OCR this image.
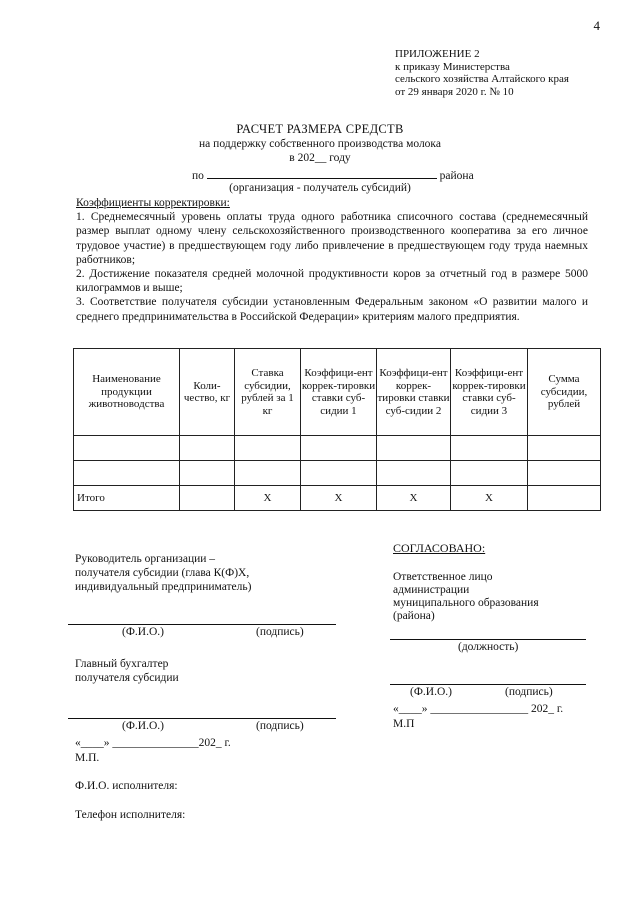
4
ПРИЛОЖЕНИЕ 2
к приказу Министерства
сельского хозяйства Алтайского края
от 29 января 2020 г. № 10
РАСЧЕТ РАЗМЕРА СРЕДСТВ
на поддержку собственного производства молока
в 202__ году
по	района
(организация - получатель субсидий)
Коэффициенты корректировки:
1. Среднемесячный уровень оплаты труда одного работника списочного состава (среднемесячный размер выплат одному члену сельскохозяйственного производственного кооператива за его личное трудовое участие) в предшествующем году либо привлечение в предшествующем году труда наемных работников;
2. Достижение показателя средней молочной продуктивности коров за отчетный год в размере 5000 килограммов и выше;
3. Соответствие получателя субсидии установленным Федеральным законом «О развитии малого и среднего предпринимательства в Российской Федерации» критериям малого предприятия.
Наименование продукции животноводства	Коли-чество, кг	Ставка субсидии, рублей за 1 кг	Коэффици-ент коррек-тировки ставки суб-сидии 1	Коэффици-ент коррек-тировки ставки суб-сидии 2	Коэффици-ент коррек-тировки ставки суб-сидии 3	Сумма субсидии, рублей

Итого		Х	Х	Х	Х	
СОГЛАСОВАНО:
Руководитель организации –
получателя субсидии (глава К(Ф)Х,
индивидуальный предприниматель)
Ответственное лицо
администрации
муниципального образования
(района)
(Ф.И.О.)	(подпись)
(должность)
Главный бухгалтер
получателя субсидии
(Ф.И.О.)	(подпись)
«____» _________________ 202_ г.
М.П
(Ф.И.О.)	(подпись)
«____» _______________202_ г.
М.П.
Ф.И.О. исполнителя:
Телефон исполнителя:
